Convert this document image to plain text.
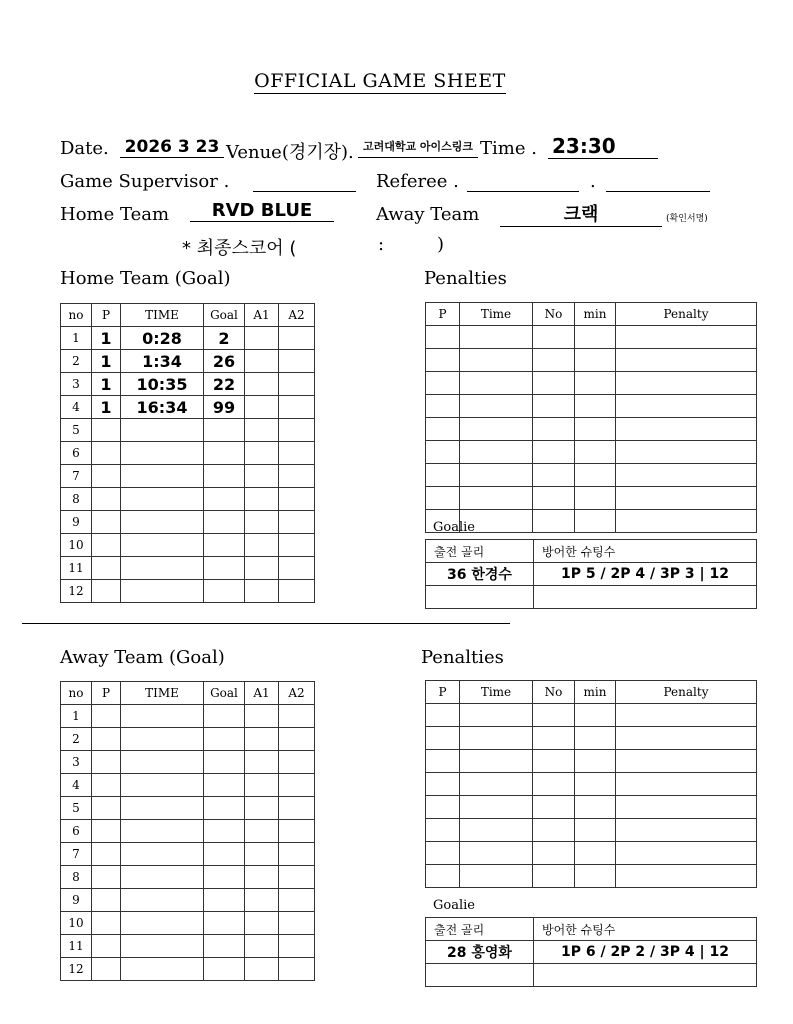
OFFICIAL GAME SHEET
Date. 2026 3 23 Venue(경기장). 고려대학교 아이스링크 Time . 23:30
Game Supervisor .	Referee .	.
Home Team	RVD BLUE	Away Team	크랙	(확인서명)
* 최종스코어 (	:	)
Home Team (Goal)
no	P	TIME	Goal	A1	A2
1	1	0:28	2		
2	1	1:34	26		
3	1	10:35	22		
4	1	16:34	99		
5					
6					
7					
8					
9					
10					
11					
12					
Penalties
P	Time	No	min	Penalty

Goalie
출전 골리	방어한 슈팅수
36 한경수	1P 5 / 2P 4 / 3P 3 | 12

Away Team (Goal)
no	P	TIME	Goal	A1	A2
1					
2					
3					
4					
5					
6					
7					
8					
9					
10					
11					
12					
Penalties
P	Time	No	min	Penalty

Goalie
출전 골리	방어한 슈팅수
28 홍영화	1P 6 / 2P 2 / 3P 4 | 12
